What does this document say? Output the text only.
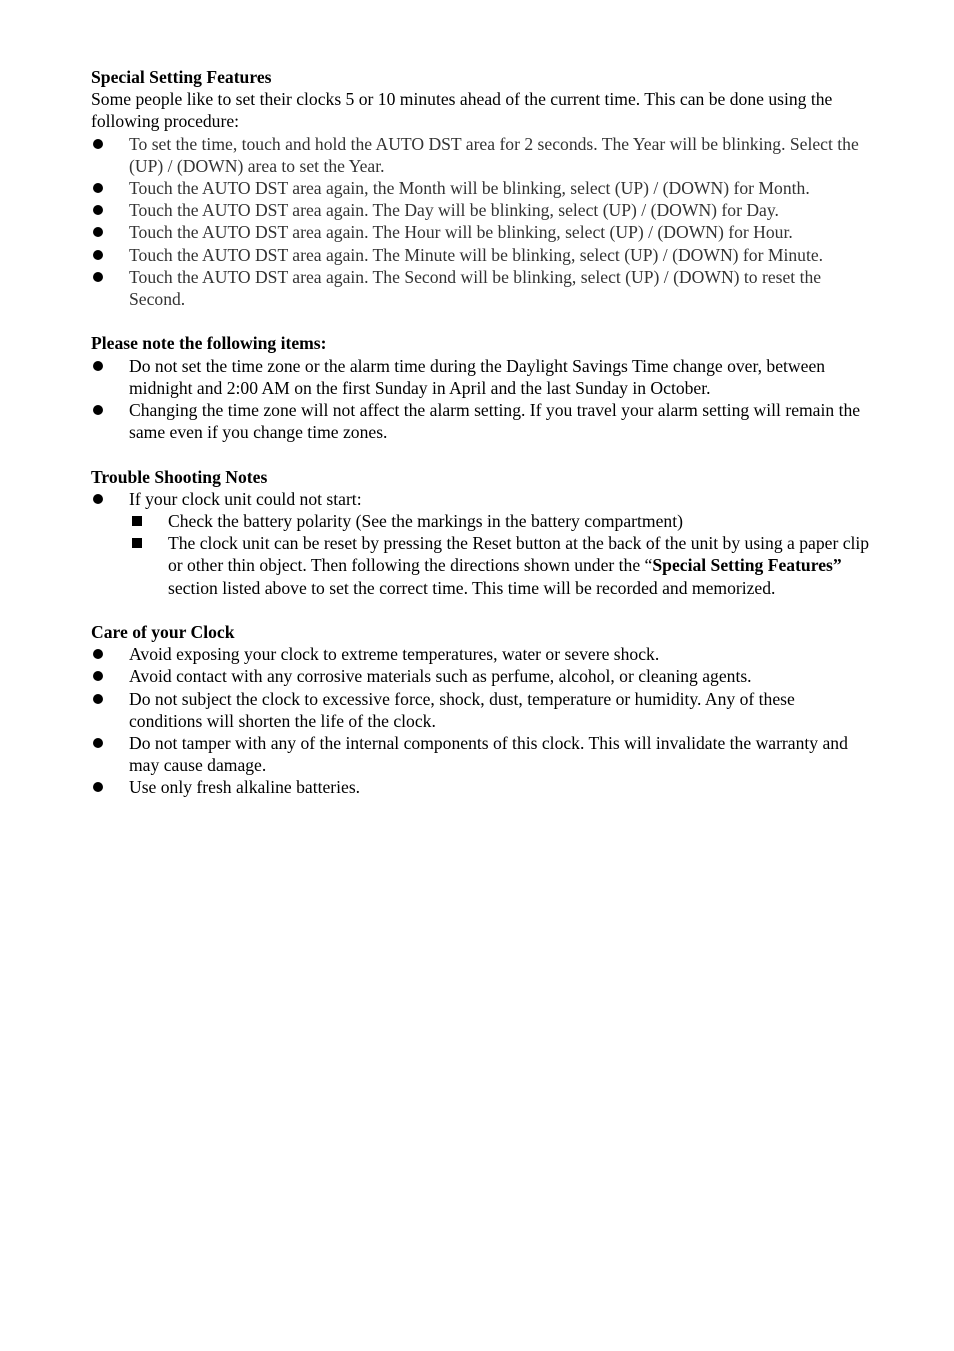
Special Setting Features
Some people like to set their clocks 5 or 10 minutes ahead of the current time. This can be done using the following procedure:
To set the time, touch and hold the AUTO DST area for 2 seconds. The Year will be blinking. Select the (UP) / (DOWN) area to set the Year.
Touch the AUTO DST area again, the Month will be blinking, select (UP) / (DOWN) for Month.
Touch the AUTO DST area again. The Day will be blinking, select (UP) / (DOWN) for Day.
Touch the AUTO DST area again. The Hour will be blinking, select (UP) / (DOWN) for Hour.
Touch the AUTO DST area again. The Minute will be blinking, select (UP) / (DOWN) for Minute.
Touch the AUTO DST area again. The Second will be blinking, select (UP) / (DOWN) to reset the Second.
Please note the following items:
Do not set the time zone or the alarm time during the Daylight Savings Time change over, between midnight and 2:00 AM on the first Sunday in April and the last Sunday in October.
Changing the time zone will not affect the alarm setting. If you travel your alarm setting will remain the same even if you change time zones.
Trouble Shooting Notes
If your clock unit could not start:
Check the battery polarity (See the markings in the battery compartment)
The clock unit can be reset by pressing the Reset button at the back of the unit by using a paper clip or other thin object. Then following the directions shown under the “Special Setting Features” section listed above to set the correct time. This time will be recorded and memorized.
Care of your Clock
Avoid exposing your clock to extreme temperatures, water or severe shock.
Avoid contact with any corrosive materials such as perfume, alcohol, or cleaning agents.
Do not subject the clock to excessive force, shock, dust, temperature or humidity. Any of these conditions will shorten the life of the clock.
Do not tamper with any of the internal components of this clock. This will invalidate the warranty and may cause damage.
Use only fresh alkaline batteries.
